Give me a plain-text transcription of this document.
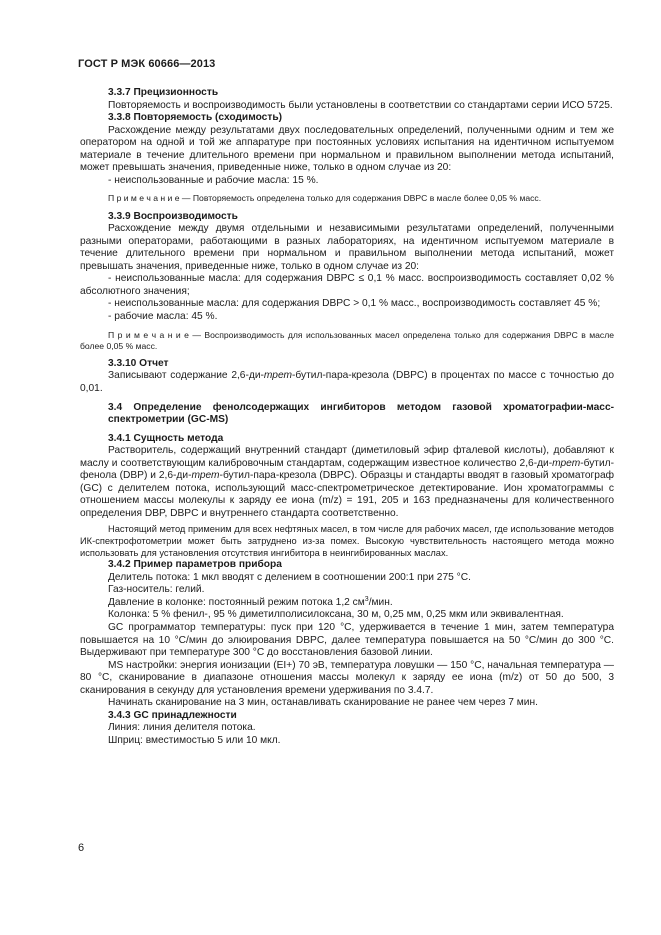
ГОСТ Р МЭК 60666—2013

3.3.7 Прецизионность

Повторяемость и воспроизводимость были установлены в соответствии со стандартами серии ИСО 5725.

3.3.8 Повторяемость (сходимость)

Расхождение между результатами двух последовательных определений, полученными одним и тем же оператором на одной и той же аппаратуре при постоянных условиях испытания на идентичном испытуемом материале в течение длительного времени при нормальном и правильном выполнении метода испытаний, может превышать значения, приведенные ниже, только в одном случае из 20:

- неиспользованные и рабочие масла: 15 %.

П р и м е ч а н и е — Повторяемость определена только для содержания DBPC в масле более 0,05 % масс.

3.3.9 Воспроизводимость

Расхождение между двумя отдельными и независимыми результатами определений, полученными разными операторами, работающими в разных лабораториях, на идентичном испытуемом материале в течение длительного времени при нормальном и правильном выполнении метода испытаний, может превышать значения, приведенные ниже, только в одном случае из 20:

- неиспользованные масла: для содержания DBPC ≤ 0,1 % масс. воспроизводимость составляет 0,02 % абсолютного значения;

- неиспользованные масла: для содержания DBPC > 0,1 % масс., воспроизводимость составляет 45 %;

- рабочие масла: 45 %.

П р и м е ч а н и е — Воспроизводимость для использованных масел определена только для содержания DBPC в масле более 0,05 % масс.

3.3.10 Отчет

Записывают содержание 2,6-ди-трет-бутил-пара-крезола (DBPC) в процентах по массе с точностью до 0,01.

3.4 Определение фенолсодержащих ингибиторов методом газовой хроматографии-масс-спектрометрии (GC-MS)

3.4.1 Сущность метода

Растворитель, содержащий внутренний стандарт (диметиловый эфир фталевой кислоты), добавляют к маслу и соответствующим калибровочным стандартам, содержащим известное количество 2,6-ди-трет-бутил-фенола (DBP) и 2,6-ди-трет-бутил-пара-крезола (DBPC). Образцы и стандарты вводят в газовый хроматограф (GC) с делителем потока, использующий масс-спектрометрическое детектирование. Ион хроматограммы с отношением массы молекулы к заряду ее иона (m/z) = 191, 205 и 163 предназначены для количественного определения DBP, DBPC и внутреннего стандарта соответственно.

Настоящий метод применим для всех нефтяных масел, в том числе для рабочих масел, где использование методов ИК-спектрофотометрии может быть затруднено из-за помех. Высокую чувствительность настоящего метода можно использовать для установления отсутствия ингибитора в неингибированных маслах.

3.4.2 Пример параметров прибора

Делитель потока: 1 мкл вводят с делением в соотношении 200:1 при 275 °С.

Газ-носитель: гелий.

Давление в колонке: постоянный режим потока 1,2 $см^3$/мин.

Колонка: 5 % фенил-, 95 % диметилполисилоксана, 30 м, 0,25 мм, 0,25 мкм или эквивалентная.

GC программатор температуры: пуск при 120 °С, удерживается в течение 1 мин, затем температура повышается на 10 °С/мин до элюирования DBPC, далее температура повышается на 50 °С/мин до 300 °С. Выдерживают при температуре 300 °С до восстановления базовой линии.

MS настройки: энергия ионизации (EI+) 70 эВ, температура ловушки — 150 °С, начальная температура — 80 °С, сканирование в диапазоне отношения массы молекул к заряду ее иона (m/z) от 50 до 500, 3 сканирования в секунду для установления времени удерживания по 3.4.7.

Начинать сканирование на 3 мин, останавливать сканирование не ранее чем через 7 мин.

3.4.3 GC принадлежности

Линия: линия делителя потока.

Шприц: вместимостью 5 или 10 мкл.

6
